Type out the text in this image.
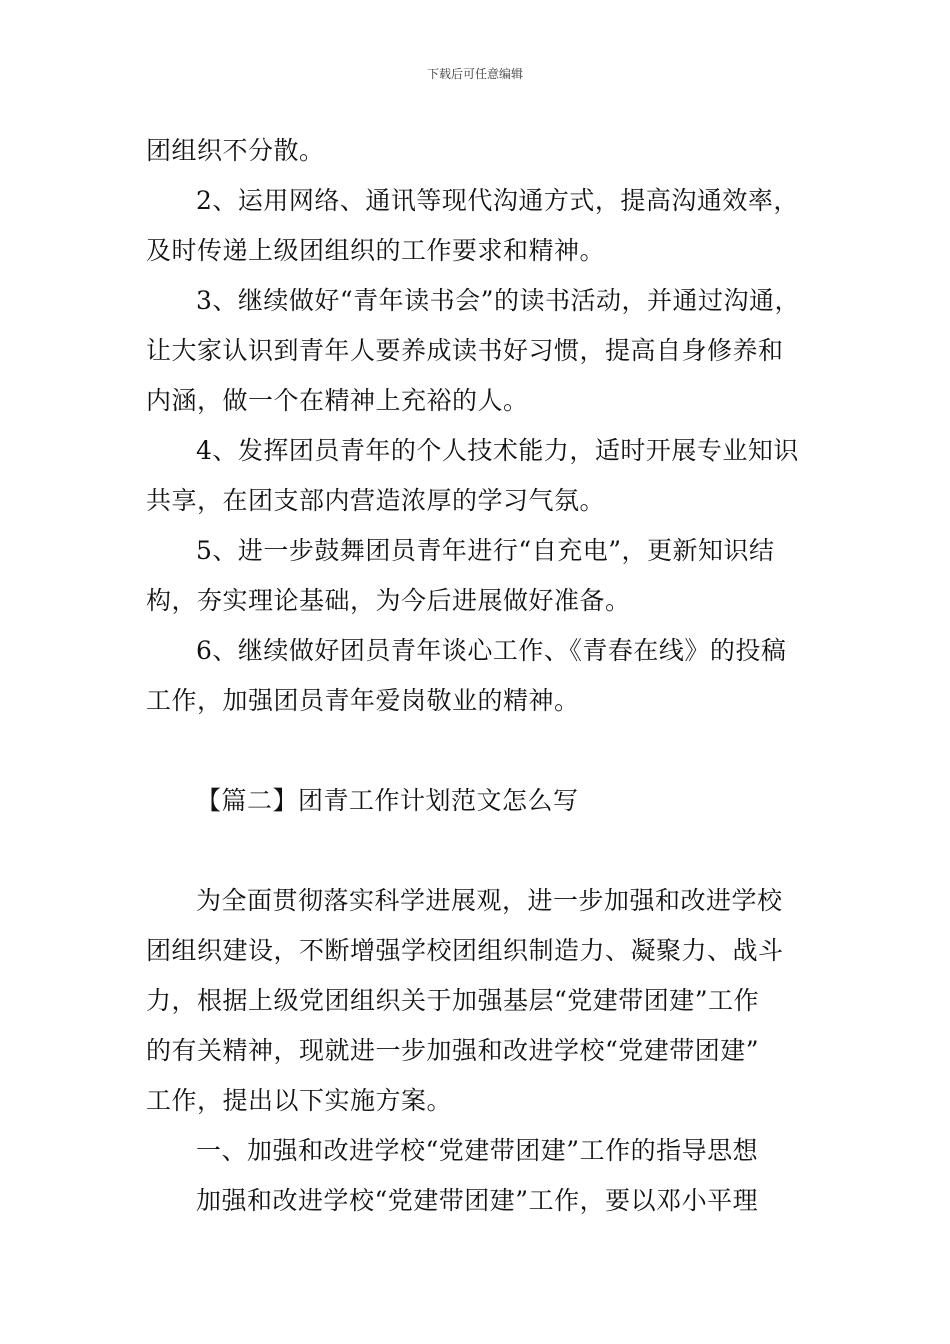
下载后可任意编辑

团组织不分散。

2、运用网络、通讯等现代沟通方式，提高沟通效率，

及时传递上级团组织的工作要求和精神。

3、继续做好“青年读书会”的读书活动，并通过沟通，

让大家认识到青年人要养成读书好习惯，提高自身修养和

内涵，做一个在精神上充裕的人。

4、发挥团员青年的个人技术能力，适时开展专业知识

共享，在团支部内营造浓厚的学习气氛。

5、进一步鼓舞团员青年进行“自充电”，更新知识结

构，夯实理论基础，为今后进展做好准备。

6、继续做好团员青年谈心工作、《青春在线》的投稿

工作，加强团员青年爱岗敬业的精神。

【篇二】团青工作计划范文怎么写

为全面贯彻落实科学进展观，进一步加强和改进学校

团组织建设，不断增强学校团组织制造力、凝聚力、战斗

力，根据上级党团组织关于加强基层“党建带团建”工作

的有关精神，现就进一步加强和改进学校“党建带团建”

工作，提出以下实施方案。

一、加强和改进学校“党建带团建”工作的指导思想

加强和改进学校“党建带团建”工作，要以邓小平理
